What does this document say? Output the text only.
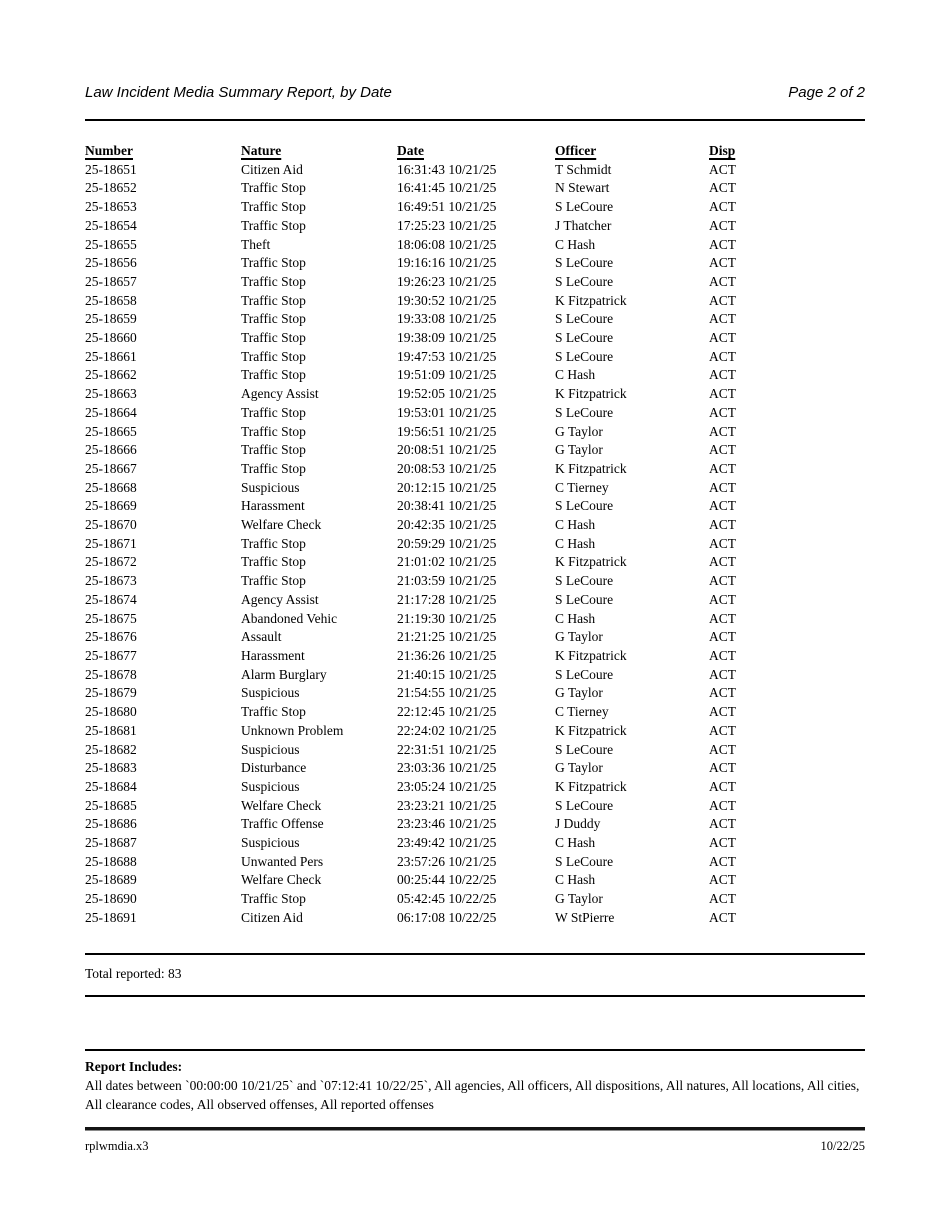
Law Incident Media Summary Report, by Date	Page 2 of 2
Number	Nature	Date	Officer	Disp
25-18651	Citizen Aid	16:31:43 10/21/25	T Schmidt	ACT
25-18652	Traffic Stop	16:41:45 10/21/25	N Stewart	ACT
25-18653	Traffic Stop	16:49:51 10/21/25	S LeCoure	ACT
25-18654	Traffic Stop	17:25:23 10/21/25	J Thatcher	ACT
25-18655	Theft	18:06:08 10/21/25	C Hash	ACT
25-18656	Traffic Stop	19:16:16 10/21/25	S LeCoure	ACT
25-18657	Traffic Stop	19:26:23 10/21/25	S LeCoure	ACT
25-18658	Traffic Stop	19:30:52 10/21/25	K Fitzpatrick	ACT
25-18659	Traffic Stop	19:33:08 10/21/25	S LeCoure	ACT
25-18660	Traffic Stop	19:38:09 10/21/25	S LeCoure	ACT
25-18661	Traffic Stop	19:47:53 10/21/25	S LeCoure	ACT
25-18662	Traffic Stop	19:51:09 10/21/25	C Hash	ACT
25-18663	Agency Assist	19:52:05 10/21/25	K Fitzpatrick	ACT
25-18664	Traffic Stop	19:53:01 10/21/25	S LeCoure	ACT
25-18665	Traffic Stop	19:56:51 10/21/25	G Taylor	ACT
25-18666	Traffic Stop	20:08:51 10/21/25	G Taylor	ACT
25-18667	Traffic Stop	20:08:53 10/21/25	K Fitzpatrick	ACT
25-18668	Suspicious	20:12:15 10/21/25	C Tierney	ACT
25-18669	Harassment	20:38:41 10/21/25	S LeCoure	ACT
25-18670	Welfare Check	20:42:35 10/21/25	C Hash	ACT
25-18671	Traffic Stop	20:59:29 10/21/25	C Hash	ACT
25-18672	Traffic Stop	21:01:02 10/21/25	K Fitzpatrick	ACT
25-18673	Traffic Stop	21:03:59 10/21/25	S LeCoure	ACT
25-18674	Agency Assist	21:17:28 10/21/25	S LeCoure	ACT
25-18675	Abandoned Vehic	21:19:30 10/21/25	C Hash	ACT
25-18676	Assault	21:21:25 10/21/25	G Taylor	ACT
25-18677	Harassment	21:36:26 10/21/25	K Fitzpatrick	ACT
25-18678	Alarm Burglary	21:40:15 10/21/25	S LeCoure	ACT
25-18679	Suspicious	21:54:55 10/21/25	G Taylor	ACT
25-18680	Traffic Stop	22:12:45 10/21/25	C Tierney	ACT
25-18681	Unknown Problem	22:24:02 10/21/25	K Fitzpatrick	ACT
25-18682	Suspicious	22:31:51 10/21/25	S LeCoure	ACT
25-18683	Disturbance	23:03:36 10/21/25	G Taylor	ACT
25-18684	Suspicious	23:05:24 10/21/25	K Fitzpatrick	ACT
25-18685	Welfare Check	23:23:21 10/21/25	S LeCoure	ACT
25-18686	Traffic Offense	23:23:46 10/21/25	J Duddy	ACT
25-18687	Suspicious	23:49:42 10/21/25	C Hash	ACT
25-18688	Unwanted Pers	23:57:26 10/21/25	S LeCoure	ACT
25-18689	Welfare Check	00:25:44 10/22/25	C Hash	ACT
25-18690	Traffic Stop	05:42:45 10/22/25	G Taylor	ACT
25-18691	Citizen Aid	06:17:08 10/22/25	W StPierre	ACT
Total reported: 83
Report Includes:
All dates between `00:00:00 10/21/25` and `07:12:41 10/22/25`, All agencies, All officers, All dispositions, All natures, All locations, All cities, All clearance codes, All observed offenses, All reported offenses
rplwmdia.x3	10/22/25
